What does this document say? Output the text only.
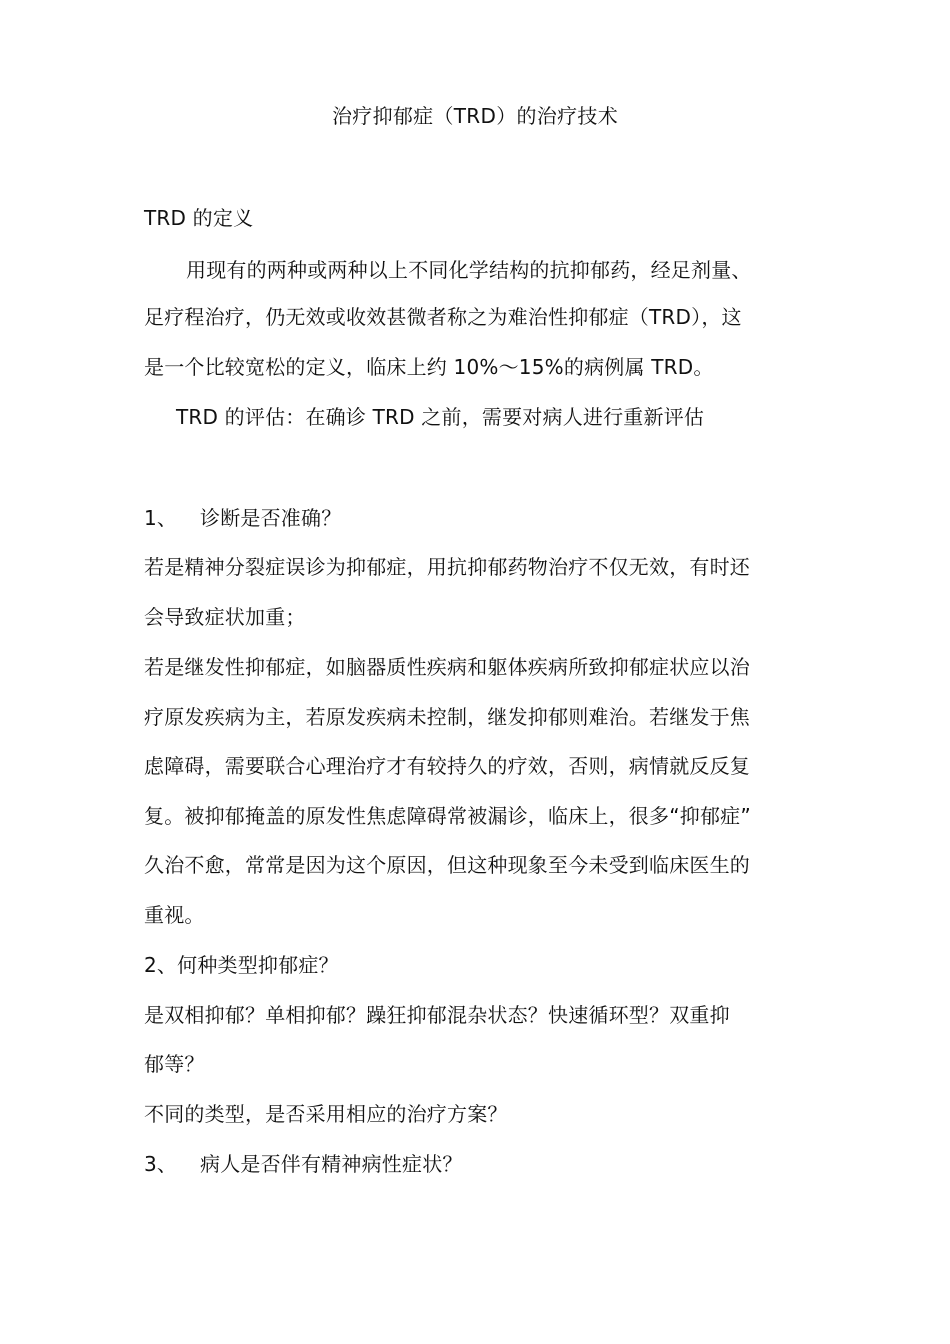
治疗抑郁症（TRD）的治疗技术
TRD 的定义
用现有的两种或两种以上不同化学结构的抗抑郁药，经足剂量、
足疗程治疗，仍无效或收效甚微者称之为难治性抑郁症（TRD），这
是一个比较宽松的定义，临床上约 10%～15%的病例属 TRD。
TRD 的评估：在确诊 TRD 之前，需要对病人进行重新评估
1、 诊断是否准确？
若是精神分裂症误诊为抑郁症，用抗抑郁药物治疗不仅无效，有时还
会导致症状加重；
若是继发性抑郁症，如脑器质性疾病和躯体疾病所致抑郁症状应以治
疗原发疾病为主，若原发疾病未控制，继发抑郁则难治。若继发于焦
虑障碍，需要联合心理治疗才有较持久的疗效，否则，病情就反反复
复。被抑郁掩盖的原发性焦虑障碍常被漏诊，临床上，很多“抑郁症”
久治不愈，常常是因为这个原因，但这种现象至今未受到临床医生的
重视。
2、何种类型抑郁症？
是双相抑郁？单相抑郁？躁狂抑郁混杂状态？快速循环型？双重抑
郁等？
不同的类型，是否采用相应的治疗方案？
3、 病人是否伴有精神病性症状？
